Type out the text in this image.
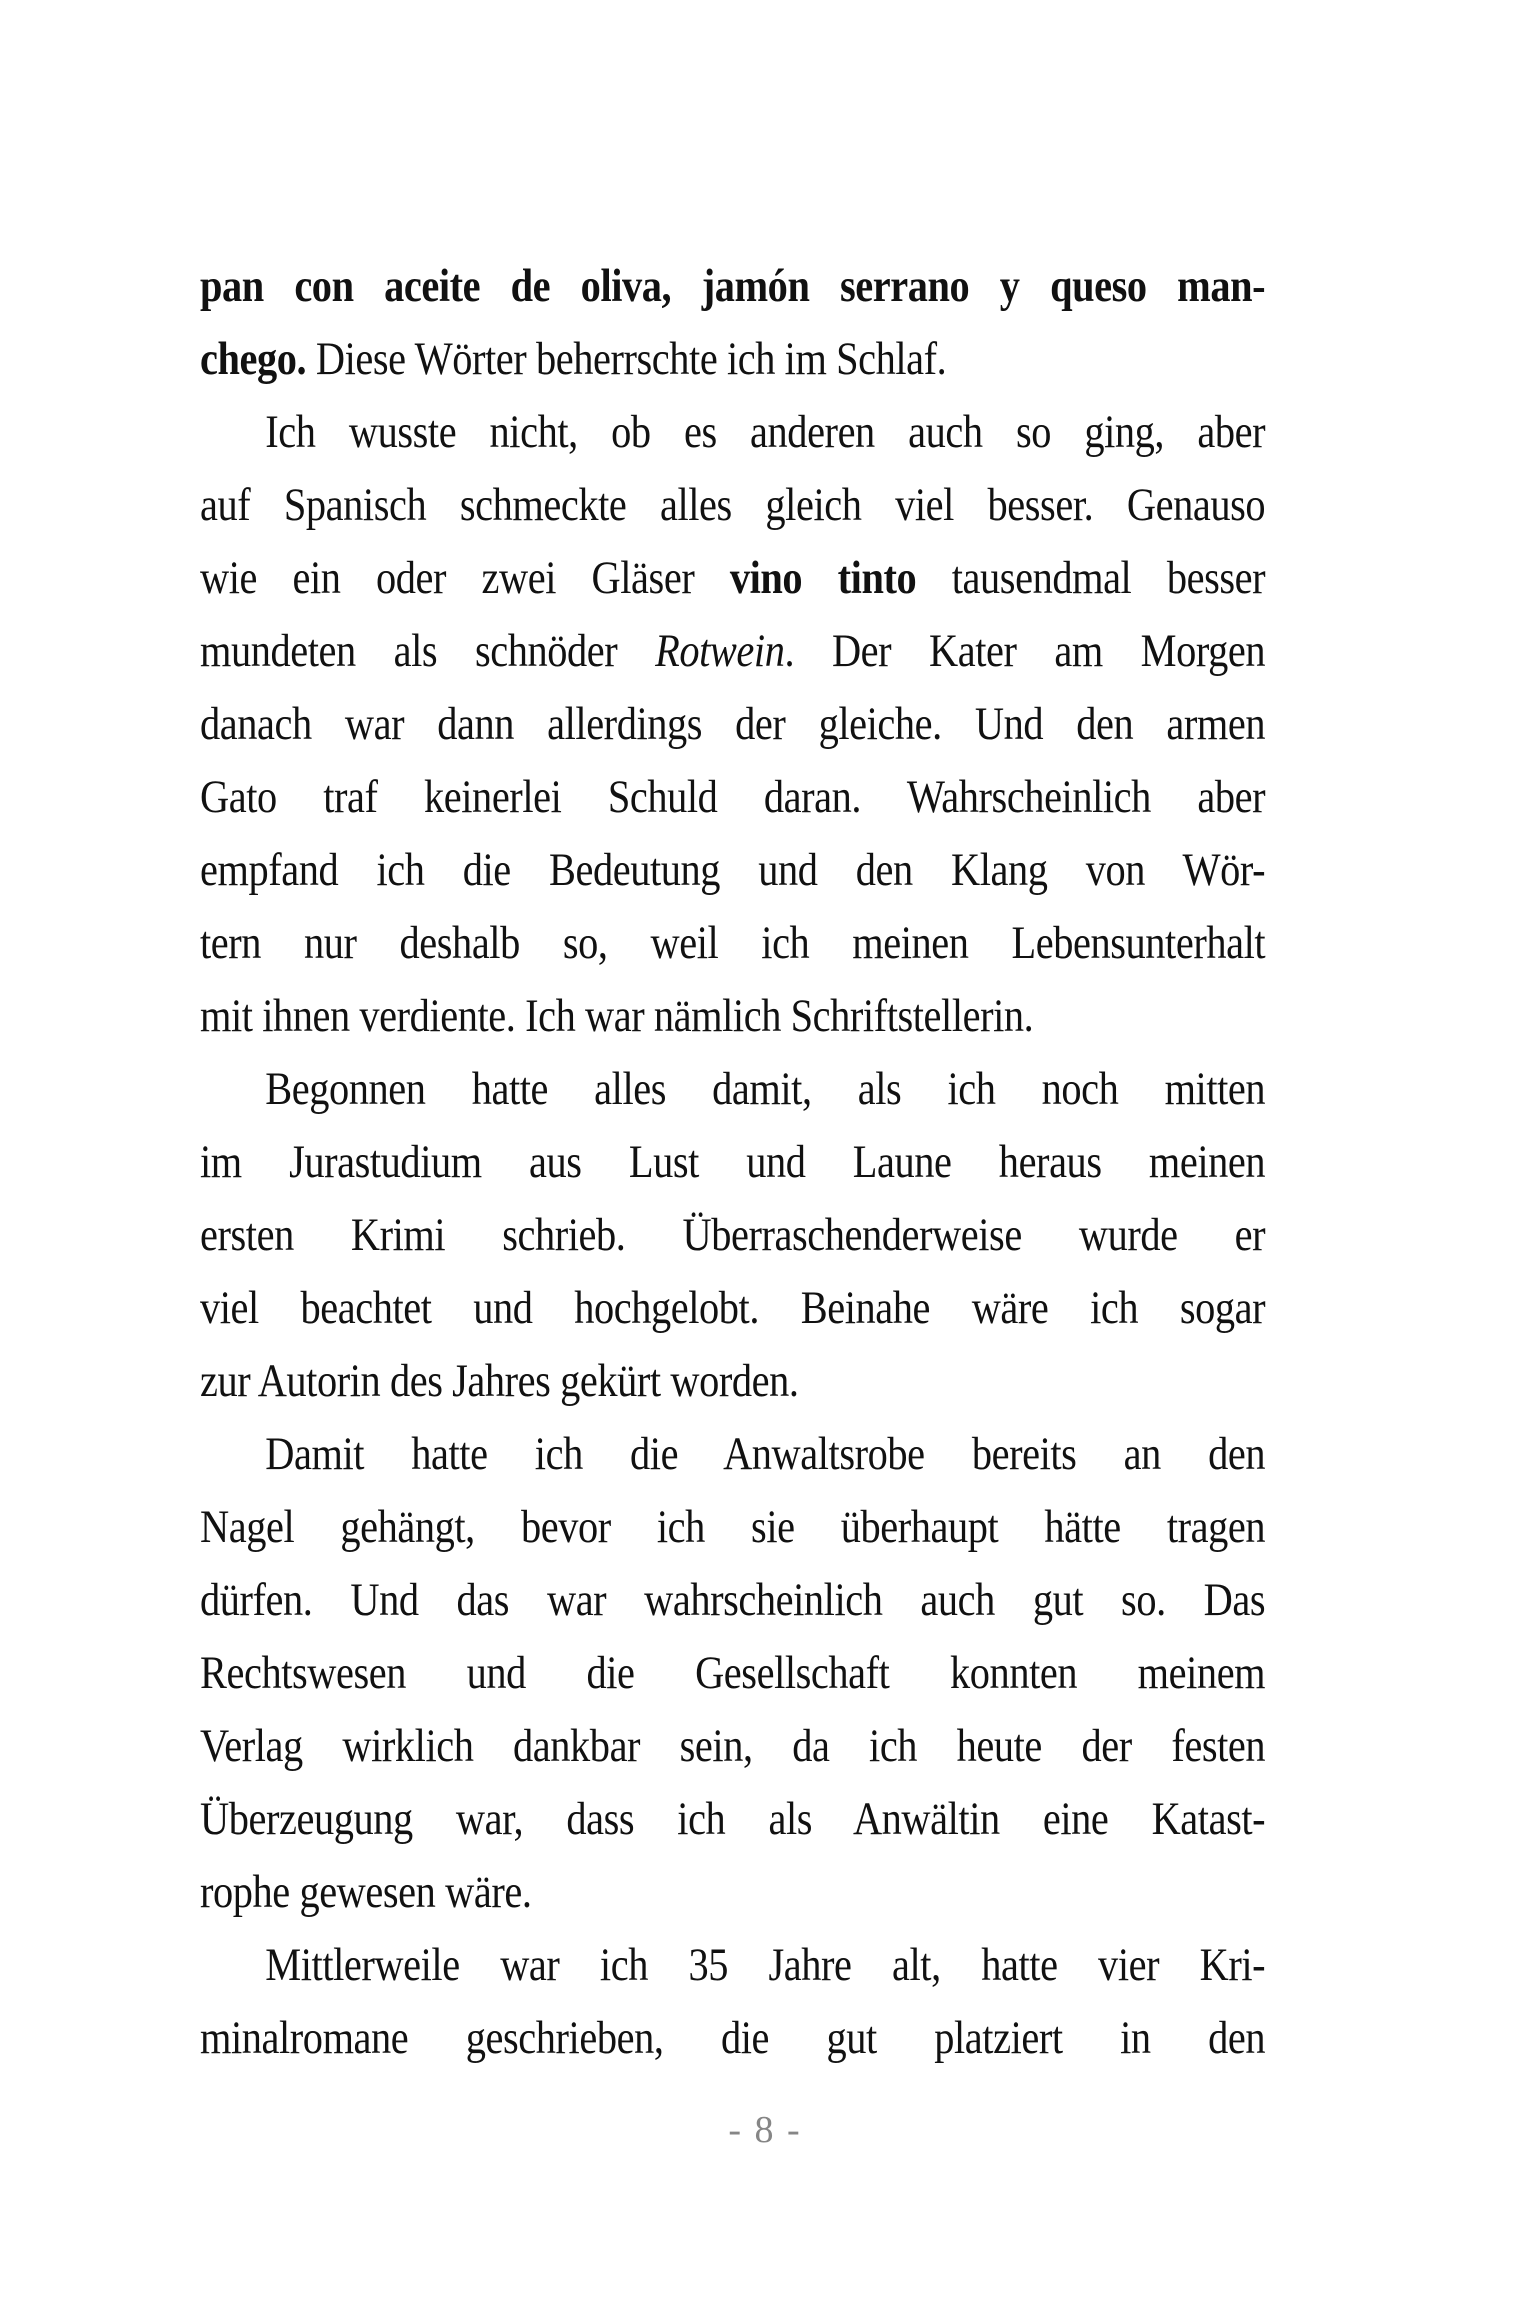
pan con aceite de oliva, jamón serrano y queso man-
chego. Diese Wörter beherrschte ich im Schlaf.
Ich wusste nicht, ob es anderen auch so ging, aber
auf Spanisch schmeckte alles gleich viel besser. Genauso
wie ein oder zwei Gläser vino tinto tausendmal besser
mundeten als schnöder Rotwein. Der Kater am Morgen
danach war dann allerdings der gleiche. Und den armen
Gato traf keinerlei Schuld daran. Wahrscheinlich aber
empfand ich die Bedeutung und den Klang von Wör-
tern nur deshalb so, weil ich meinen Lebensunterhalt
mit ihnen verdiente. Ich war nämlich Schriftstellerin.
Begonnen hatte alles damit, als ich noch mitten
im Jurastudium aus Lust und Laune heraus meinen
ersten Krimi schrieb. Überraschenderweise wurde er
viel beachtet und hochgelobt. Beinahe wäre ich sogar
zur Autorin des Jahres gekürt worden.
Damit hatte ich die Anwaltsrobe bereits an den
Nagel gehängt, bevor ich sie überhaupt hätte tragen
dürfen. Und das war wahrscheinlich auch gut so. Das
Rechtswesen und die Gesellschaft konnten meinem
Verlag wirklich dankbar sein, da ich heute der festen
Überzeugung war, dass ich als Anwältin eine Katast-
rophe gewesen wäre.
Mittlerweile war ich 35 Jahre alt, hatte vier Kri-
minalromane geschrieben, die gut platziert in den
- 8 -
